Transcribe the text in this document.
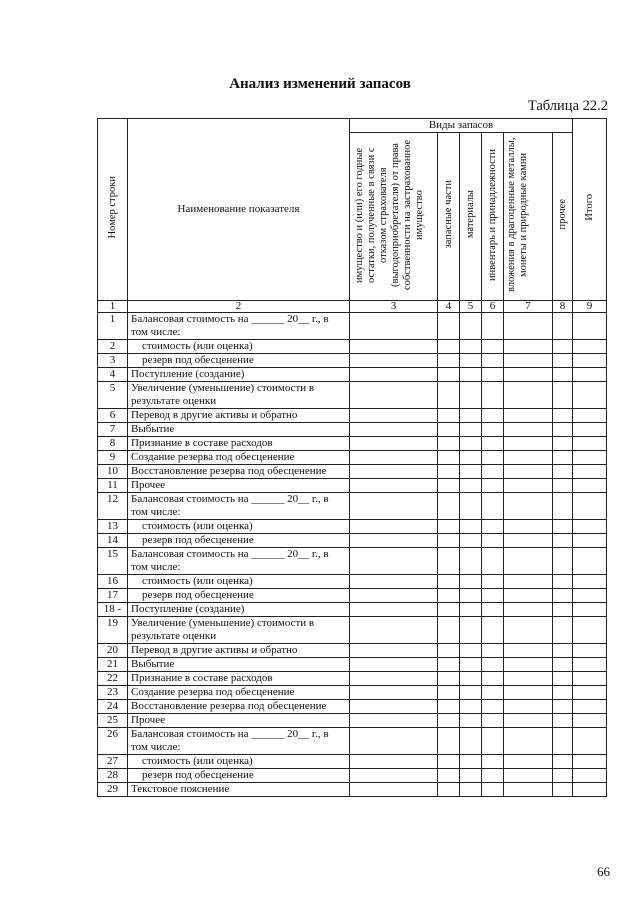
Анализ изменений запасов
Таблица 22.2
Номер строки	Наименование показателя	Виды запасов						Итого
		имущество и (или) его годные остатки, полученные в связи с отказом страхователя (выгодоприобретателя) от права собственности на застрахованное имущество	запасные части	материалы	инвентарь и принадлежности	вложения в драгоценные металлы, монеты и природные камни	прочее	
1	2	3	4	5	6	7	8	9
1	Балансовая стоимость на ______ 20__ г., в том числе:							
2	стоимость (или оценка)							
3	резерв под обесценение							
4	Поступление (создание)							
5	Увеличение (уменьшение) стоимости в результате оценки							
6	Перевод в другие активы и обратно							
7	Выбытие							
8	Признание в составе расходов							
9	Создание резерва под обесценение							
10	Восстановление резерва под обесценение							
11	Прочее							
12	Балансовая стоимость на ______ 20__ г., в том числе:							
13	стоимость (или оценка)							
14	резерв под обесценение							
15	Балансовая стоимость на ______ 20__ г., в том числе:							
16	стоимость (или оценка)							
17	резерв под обесценение							
18 -	Поступление (создание)							
19	Увеличение (уменьшение) стоимости в результате оценки							
20	Перевод в другие активы и обратно							
21	Выбытие							
22	Признание в составе расходов							
23	Создание резерва под обесценение							
24	Восстановление резерва под обесценение							
25	Прочее							
26	Балансовая стоимость на ______ 20__ г., в том числе:							
27	стоимость (или оценка)							
28	резерв под обесценение							
29	Текстовое пояснение							
66
